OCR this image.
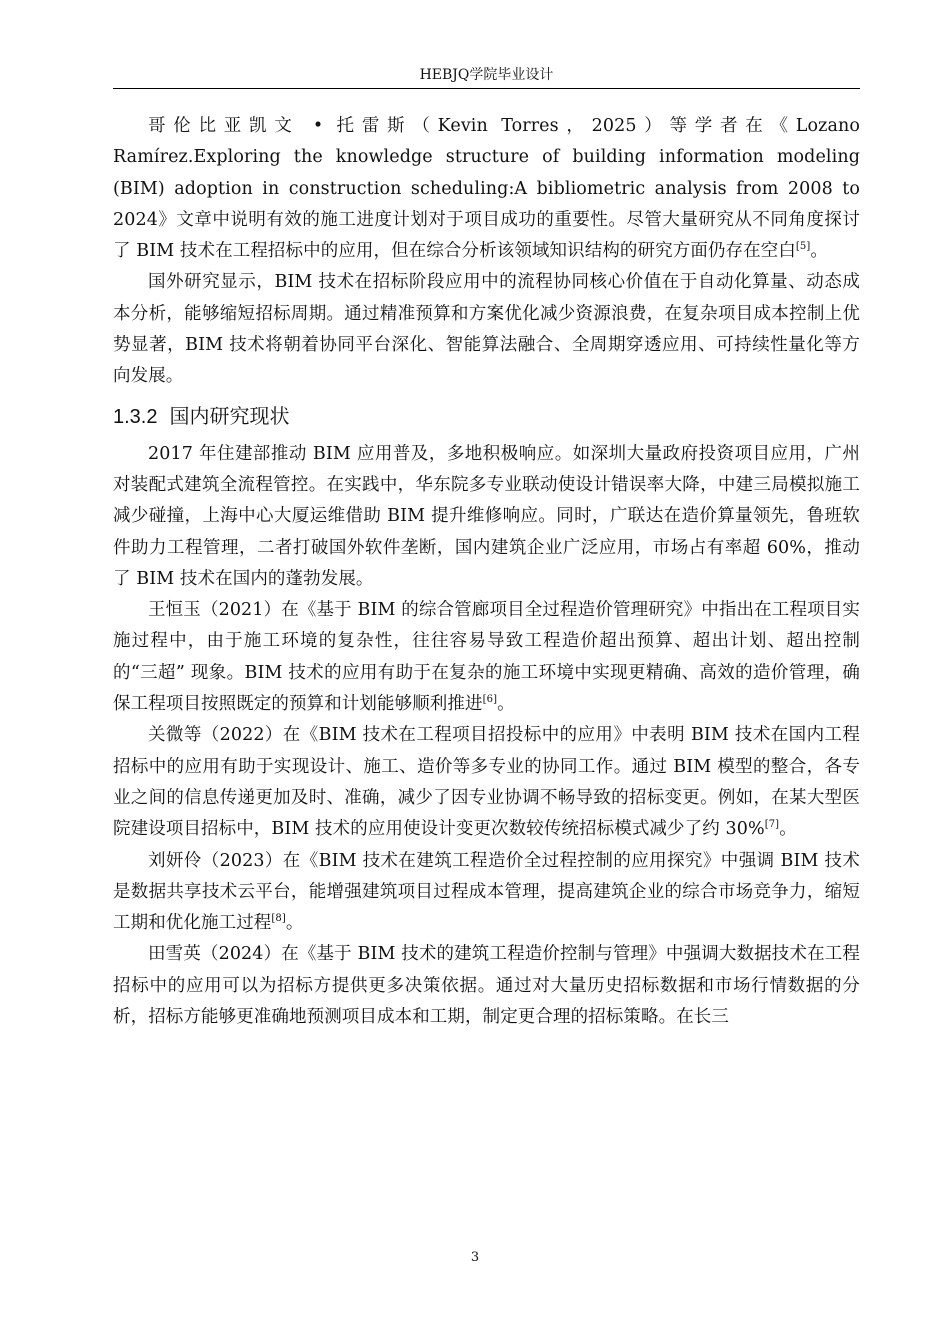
HEBJQ学院毕业设计

哥伦比亚凯文 • 托雷斯（Kevin Torres，2025）等学者在《Lozano Ramírez.Exploring the knowledge structure of building information modeling (BIM) adoption in construction scheduling:A bibliometric analysis from 2008 to 2024》文章中说明有效的施工进度计划对于项目成功的重要性。尽管大量研究从不同角度探讨了 BIM 技术在工程招标中的应用，但在综合分析该领域知识结构的研究方面仍存在空白[5]。

国外研究显示，BIM 技术在招标阶段应用中的流程协同核心价值在于自动化算量、动态成本分析，能够缩短招标周期。通过精准预算和方案优化减少资源浪费，在复杂项目成本控制上优势显著，BIM 技术将朝着协同平台深化、智能算法融合、全周期穿透应用、可持续性量化等方向发展。

1.3.2 国内研究现状

2017 年住建部推动 BIM 应用普及，多地积极响应。如深圳大量政府投资项目应用，广州对装配式建筑全流程管控。在实践中，华东院多专业联动使设计错误率大降，中建三局模拟施工减少碰撞，上海中心大厦运维借助 BIM 提升维修响应。同时，广联达在造价算量领先，鲁班软件助力工程管理，二者打破国外软件垄断，国内建筑企业广泛应用，市场占有率超 60%，推动了 BIM 技术在国内的蓬勃发展。

王恒玉（2021）在《基于 BIM 的综合管廊项目全过程造价管理研究》中指出在工程项目实施过程中，由于施工环境的复杂性，往往容易导致工程造价超出预算、超出计划、超出控制的“三超” 现象。BIM 技术的应用有助于在复杂的施工环境中实现更精确、高效的造价管理，确保工程项目按照既定的预算和计划能够顺利推进[6]。

关微等（2022）在《BIM 技术在工程项目招投标中的应用》中表明 BIM 技术在国内工程招标中的应用有助于实现设计、施工、造价等多专业的协同工作。通过 BIM 模型的整合，各专业之间的信息传递更加及时、准确，减少了因专业协调不畅导致的招标变更。例如，在某大型医院建设项目招标中，BIM 技术的应用使设计变更次数较传统招标模式减少了约 30%[7]。

刘妍伶（2023）在《BIM 技术在建筑工程造价全过程控制的应用探究》中强调 BIM 技术是数据共享技术云平台，能增强建筑项目过程成本管理，提高建筑企业的综合市场竞争力，缩短工期和优化施工过程[8]。

田雪英（2024）在《基于 BIM 技术的建筑工程造价控制与管理》中强调大数据技术在工程招标中的应用可以为招标方提供更多决策依据。通过对大量历史招标数据和市场行情数据的分析，招标方能够更准确地预测项目成本和工期，制定更合理的招标策略。在长三

3
